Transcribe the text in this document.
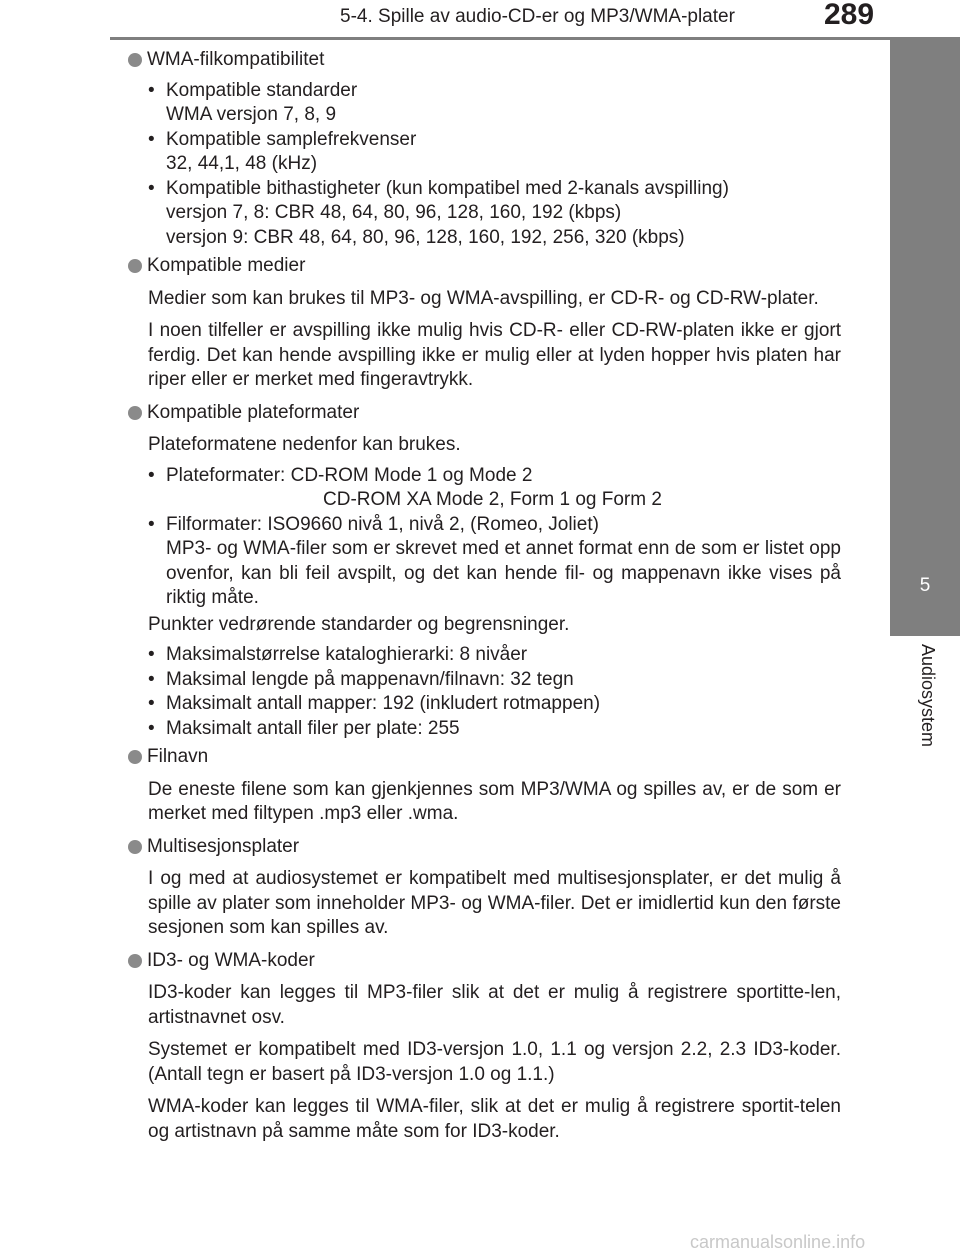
5-4. Spille av audio-CD-er og MP3/WMA-plater	289
5
Audiosystem
WMA-filkompatibilitet
• Kompatible standarder
WMA versjon 7, 8, 9
• Kompatible samplefrekvenser
32, 44,1, 48 (kHz)
• Kompatible bithastigheter (kun kompatibel med 2-kanals avspilling)
versjon 7, 8: CBR 48, 64, 80, 96, 128, 160, 192 (kbps)
versjon 9: CBR 48, 64, 80, 96, 128, 160, 192, 256, 320 (kbps)
Kompatible medier

Medier som kan brukes til MP3- og WMA-avspilling, er CD-R- og CD-RW-plater.

I noen tilfeller er avspilling ikke mulig hvis CD-R- eller CD-RW-platen ikke er gjort ferdig. Det kan hende avspilling ikke er mulig eller at lyden hopper hvis platen har riper eller er merket med fingeravtrykk.

Kompatible plateformater

Plateformatene nedenfor kan brukes.

• Plateformater: CD-ROM Mode 1 og Mode 2
CD-ROM XA Mode 2, Form 1 og Form 2
• Filformater: ISO9660 nivå 1, nivå 2, (Romeo, Joliet)
MP3- og WMA-filer som er skrevet med et annet format enn de som er listet opp ovenfor, kan bli feil avspilt, og det kan hende fil- og mappenavn ikke vises på riktig måte.

Punkter vedrørende standarder og begrensninger.

• Maksimalstørrelse kataloghierarki: 8 nivåer
• Maksimal lengde på mappenavn/filnavn: 32 tegn
• Maksimalt antall mapper: 192 (inkludert rotmappen)
• Maksimalt antall filer per plate: 255
Filnavn

De eneste filene som kan gjenkjennes som MP3/WMA og spilles av, er de som er merket med filtypen .mp3 eller .wma.

Multisesjonsplater

I og med at audiosystemet er kompatibelt med multisesjonsplater, er det mulig å spille av plater som inneholder MP3- og WMA-filer. Det er imidlertid kun den første sesjonen som kan spilles av.

ID3- og WMA-koder

ID3-koder kan legges til MP3-filer slik at det er mulig å registrere sportitte-len, artistnavnet osv.

Systemet er kompatibelt med ID3-versjon 1.0, 1.1 og versjon 2.2, 2.3 ID3-koder. (Antall tegn er basert på ID3-versjon 1.0 og 1.1.)

WMA-koder kan legges til WMA-filer, slik at det er mulig å registrere sportit-telen og artistnavn på samme måte som for ID3-koder.

carmanualsonline.info
